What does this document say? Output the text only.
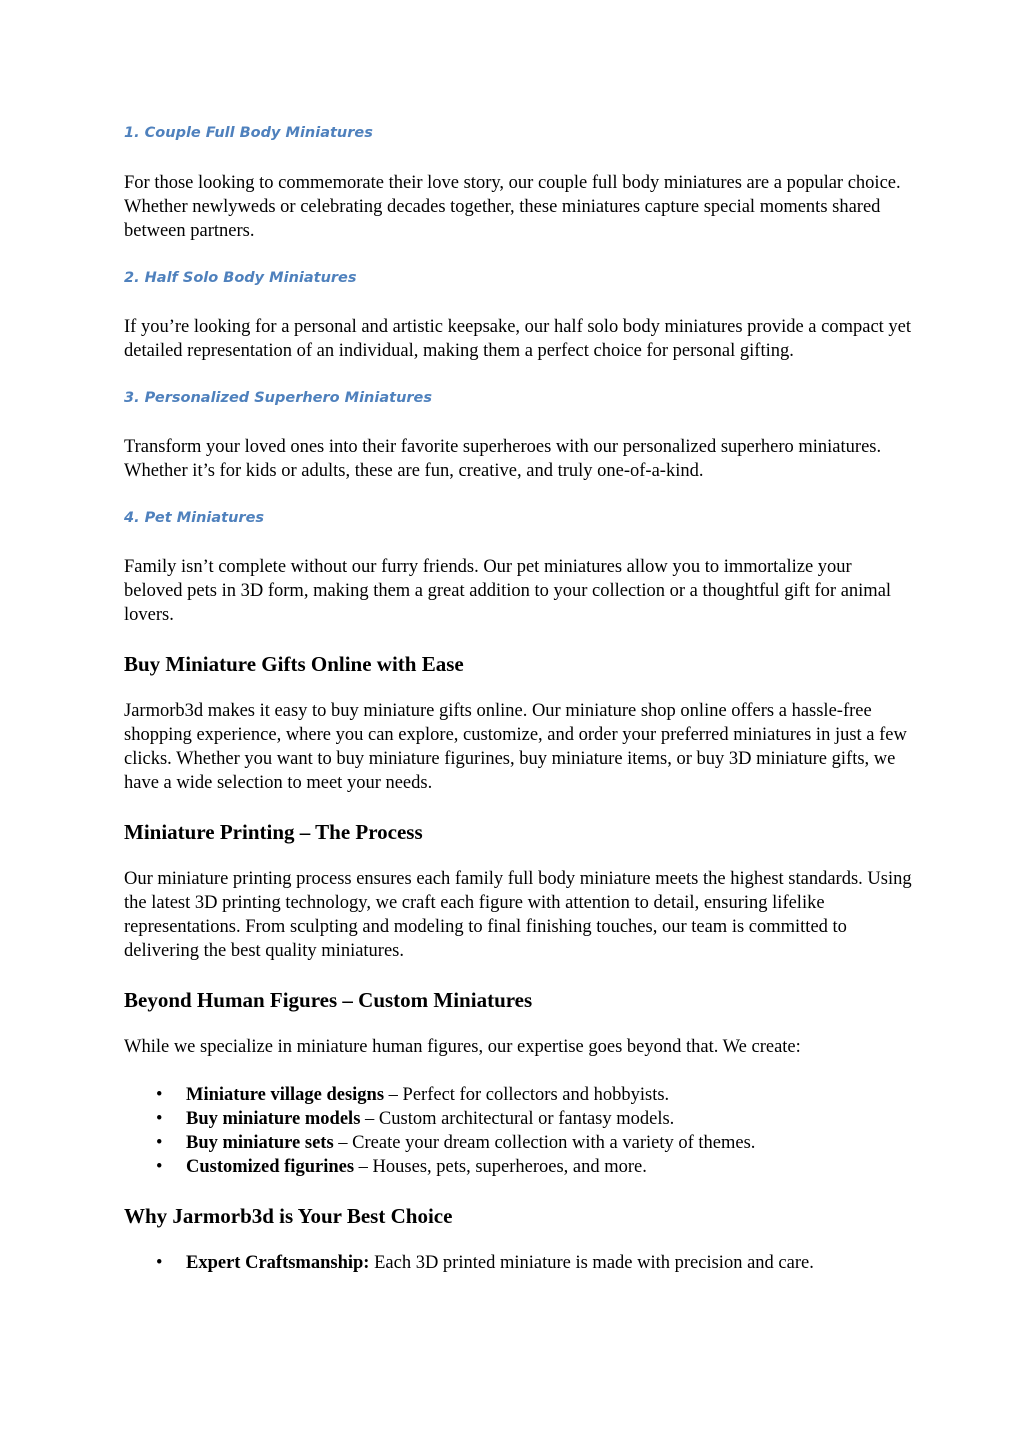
1. Couple Full Body Miniatures

For those looking to commemorate their love story, our couple full body miniatures are a popular choice. Whether newlyweds or celebrating decades together, these miniatures capture special moments shared between partners.

2. Half Solo Body Miniatures

If you’re looking for a personal and artistic keepsake, our half solo body miniatures provide a compact yet detailed representation of an individual, making them a perfect choice for personal gifting.

3. Personalized Superhero Miniatures

Transform your loved ones into their favorite superheroes with our personalized superhero miniatures. Whether it’s for kids or adults, these are fun, creative, and truly one-of-a-kind.

4. Pet Miniatures

Family isn’t complete without our furry friends. Our pet miniatures allow you to immortalize your beloved pets in 3D form, making them a great addition to your collection or a thoughtful gift for animal lovers.

Buy Miniature Gifts Online with Ease

Jarmorb3d makes it easy to buy miniature gifts online. Our miniature shop online offers a hassle-free shopping experience, where you can explore, customize, and order your preferred miniatures in just a few clicks. Whether you want to buy miniature figurines, buy miniature items, or buy 3D miniature gifts, we have a wide selection to meet your needs.

Miniature Printing – The Process

Our miniature printing process ensures each family full body miniature meets the highest standards. Using the latest 3D printing technology, we craft each figure with attention to detail, ensuring lifelike representations. From sculpting and modeling to final finishing touches, our team is committed to delivering the best quality miniatures.

Beyond Human Figures – Custom Miniatures

While we specialize in miniature human figures, our expertise goes beyond that. We create:

• Miniature village designs – Perfect for collectors and hobbyists.
• Buy miniature models – Custom architectural or fantasy models.
• Buy miniature sets – Create your dream collection with a variety of themes.
• Customized figurines – Houses, pets, superheroes, and more.
Why Jarmorb3d is Your Best Choice
• Expert Craftsmanship: Each 3D printed miniature is made with precision and care.
